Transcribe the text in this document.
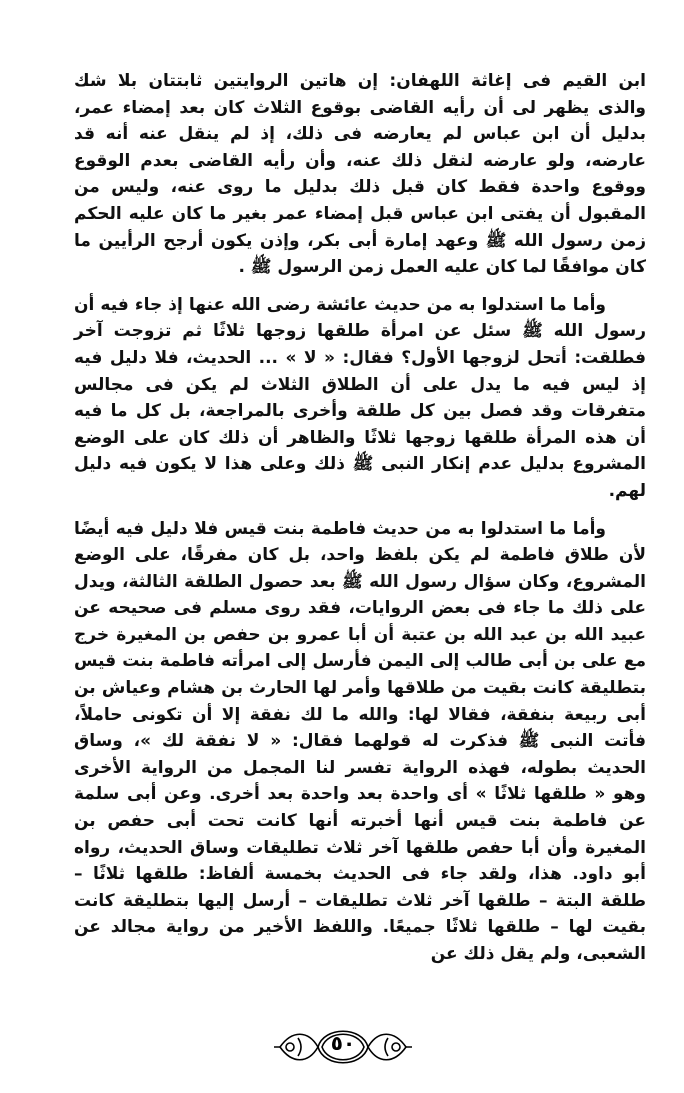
ابن القيم فى إغاثة اللهفان: إن هاتين الروايتين ثابتتان بلا شك والذى يظهر لى أن رأيه القاضى بوقوع الثلاث كان بعد إمضاء عمر، بدليل أن ابن عباس لم يعارضه فى ذلك، إذ لم ينقل عنه أنه قد عارضه، ولو عارضه لنقل ذلك عنه، وأن رأيه القاضى بعدم الوقوع ووقوع واحدة فقط كان قبل ذلك بدليل ما روى عنه، وليس من المقبول أن يفتى ابن عباس قبل إمضاء عمر بغير ما كان عليه الحكم زمن رسول الله ﷺ وعهد إمارة أبى بكر، وإذن يكون أرجح الرأيين ما كان موافقًا لما كان عليه العمل زمن الرسول ﷺ .

وأما ما استدلوا به من حديث عائشة رضى الله عنها إذ جاء فيه أن رسول الله ﷺ سئل عن امرأة طلقها زوجها ثلاثًا ثم تزوجت آخر فطلقت: أتحل لزوجها الأول؟ فقال: « لا » ... الحديث، فلا دليل فيه إذ ليس فيه ما يدل على أن الطلاق الثلاث لم يكن فى مجالس متفرقات وقد فصل بين كل طلقة وأخرى بالمراجعة، بل كل ما فيه أن هذه المرأة طلقها زوجها ثلاثًا والظاهر أن ذلك كان على الوضع المشروع بدليل عدم إنكار النبى ﷺ ذلك وعلى هذا لا يكون فيه دليل لهم.

وأما ما استدلوا به من حديث فاطمة بنت قيس فلا دليل فيه أيضًا لأن طلاق فاطمة لم يكن بلفظ واحد، بل كان مفرقًا، على الوضع المشروع، وكان سؤال رسول الله ﷺ بعد حصول الطلقة الثالثة، ويدل على ذلك ما جاء فى بعض الروايات، فقد روى مسلم فى صحيحه عن عبيد الله بن عبد الله بن عتبة أن أبا عمرو بن حفص بن المغيرة خرج مع على بن أبى طالب إلى اليمن فأرسل إلى امرأته فاطمة بنت قيس بتطليقة كانت بقيت من طلاقها وأمر لها الحارث بن هشام وعياش بن أبى ربيعة بنفقة، فقالا لها: والله ما لك نفقة إلا أن تكونى حاملاً، فأتت النبى ﷺ فذكرت له قولهما فقال: « لا نفقة لك »، وساق الحديث بطوله، فهذه الرواية تفسر لنا المجمل من الرواية الأخرى وهو « طلقها ثلاثًا » أى واحدة بعد واحدة بعد أخرى. وعن أبى سلمة عن فاطمة بنت قيس أنها أخبرته أنها كانت تحت أبى حفص بن المغيرة وأن أبا حفص طلقها آخر ثلاث تطليقات وساق الحديث، رواه أبو داود. هذا، ولقد جاء فى الحديث بخمسة ألفاظ: طلقها ثلاثًا – طلقة البتة – طلقها آخر ثلاث تطليقات – أرسل إليها بتطليقة كانت بقيت لها – طلقها ثلاثًا جميعًا. واللفظ الأخير من رواية مجالد عن الشعبى، ولم يقل ذلك عن

٥٠
